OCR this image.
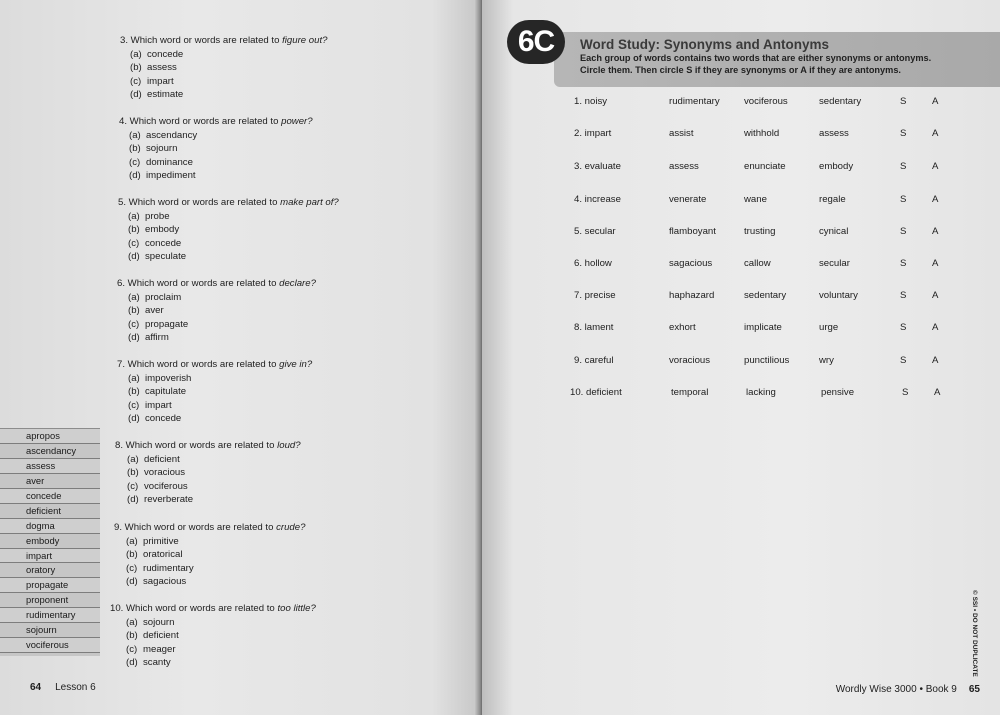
3. Which word or words are related to figure out?
(a) concede
(b) assess
(c) impart
(d) estimate
4. Which word or words are related to power?
(a) ascendancy
(b) sojourn
(c) dominance
(d) impediment
5. Which word or words are related to make part of?
(a) probe
(b) embody
(c) concede
(d) speculate
6. Which word or words are related to declare?
(a) proclaim
(b) aver
(c) propagate
(d) affirm
7. Which word or words are related to give in?
(a) impoverish
(b) capitulate
(c) impart
(d) concede
8. Which word or words are related to loud?
(a) deficient
(b) voracious
(c) vociferous
(d) reverberate
9. Which word or words are related to crude?
(a) primitive
(b) oratorical
(c) rudimentary
(d) sagacious
10. Which word or words are related to too little?
(a) sojourn
(b) deficient
(c) meager
(d) scanty
apropos
ascendancy
assess
aver
concede
deficient
dogma
embody
impart
oratory
propagate
proponent
rudimentary
sojourn
vociferous
64 Lesson 6
6C	Word Study: Synonyms and Antonyms
Each group of words contains two words that are either synonyms or antonyms.
Circle them. Then circle S if they are synonyms or A if they are antonyms.
1. noisy	rudimentary	vociferous	sedentary	S	A
2. impart	assist	withhold	assess	S	A
3. evaluate	assess	enunciate	embody	S	A
4. increase	venerate	wane	regale	S	A
5. secular	flamboyant	trusting	cynical	S	A
6. hollow	sagacious	callow	secular	S	A
7. precise	haphazard	sedentary	voluntary	S	A
8. lament	exhort	implicate	urge	S	A
9. careful	voracious	punctilious	wry	S	A
10. deficient	temporal	lacking	pensive	S	A
© SSI • DO NOT DUPLICATE
Wordly Wise 3000 • Book 9 65
